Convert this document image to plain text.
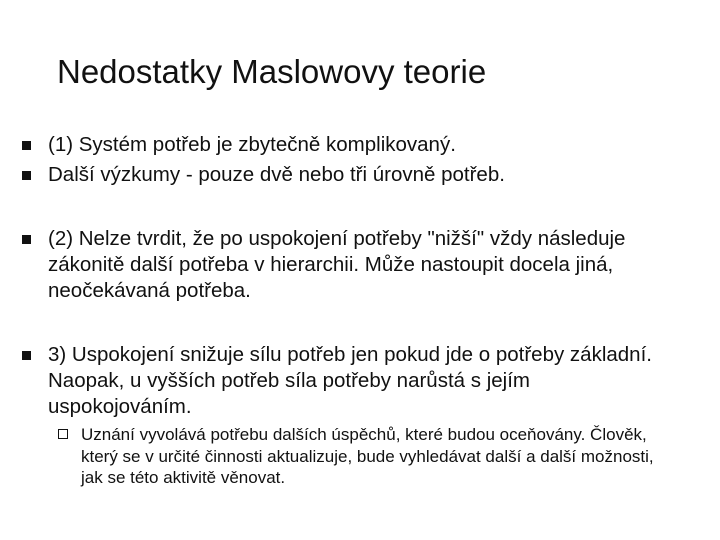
Nedostatky Maslowovy teorie
(1) Systém potřeb je zbytečně komplikovaný.
Další výzkumy - pouze dvě nebo tři úrovně potřeb.
(2) Nelze tvrdit, že po uspokojení potřeby "nižší" vždy následuje zákonitě další potřeba v hierarchii. Může nastoupit docela jiná, neočekávaná potřeba.
3) Uspokojení snižuje sílu potřeb jen pokud jde o potřeby základní. Naopak, u vyšších potřeb síla potřeby narůstá s jejím uspokojováním.
Uznání vyvolává potřebu dalších úspěchů, které budou oceňovány. Člověk, který se v určité činnosti aktualizuje, bude vyhledávat další a další možnosti, jak se této aktivitě věnovat.
